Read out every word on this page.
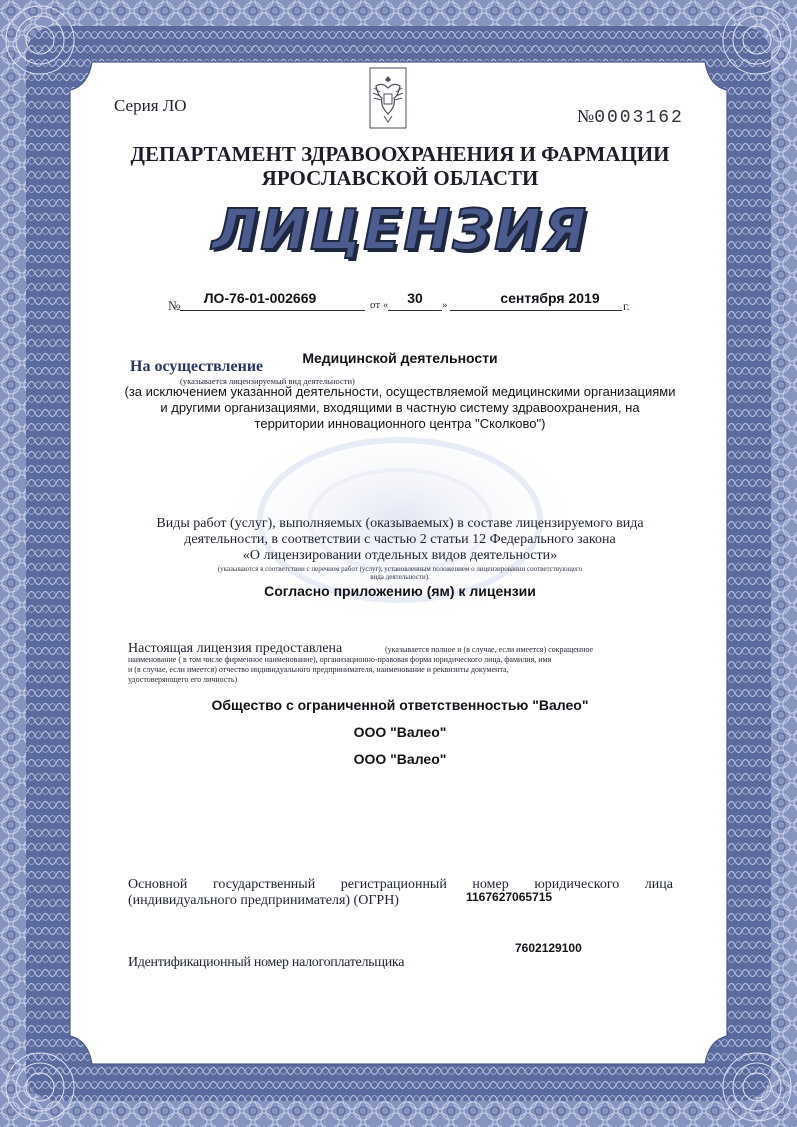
Серия ЛО
№0003162
ДЕПАРТАМЕНТ ЗДРАВООХРАНЕНИЯ И ФАРМАЦИИ
ЯРОСЛАВСКОЙ ОБЛАСТИ
ЛИЦЕНЗИЯ
№	ЛО-76-01-002669	от «	30	»	сентября 2019	г.
На осуществление	Медицинской деятельности
(указывается лицензируемый вид деятельности)
(за исключением указанной деятельности, осуществляемой медицинскими организациями
и другими организациями, входящими в частную систему здравоохранения, на
территории инновационного центра "Сколково")
Виды работ (услуг), выполняемых (оказываемых) в составе лицензируемого вида
деятельности, в соответствии с частью 2 статьи 12 Федерального закона
«О лицензировании отдельных видов деятельности»
(указываются в соответствии с перечнем работ (услуг), установленным положением о лицензировании соответствующего
вида деятельности).
Согласно приложению (ям) к лицензии
Настоящая лицензия предоставлена	(указывается полное и (в случае, если имеется) сокращенное
наименование ( в том числе фирменное наименование), организационно-правовая форма юридического лица, фамилия, имя
и (в случае, если имеется) отчество индивидуального предпринимателя, наименование и реквизиты документа,
удостоверяющего его личность)
Общество с ограниченной ответственностью "Валео"
ООО "Валео"
ООО "Валео"
Основной государственный регистрационный номер юридического лица
(индивидуального предпринимателя) (ОГРН)	1167627065715
7602129100
Идентификационный номер налогоплательщика
